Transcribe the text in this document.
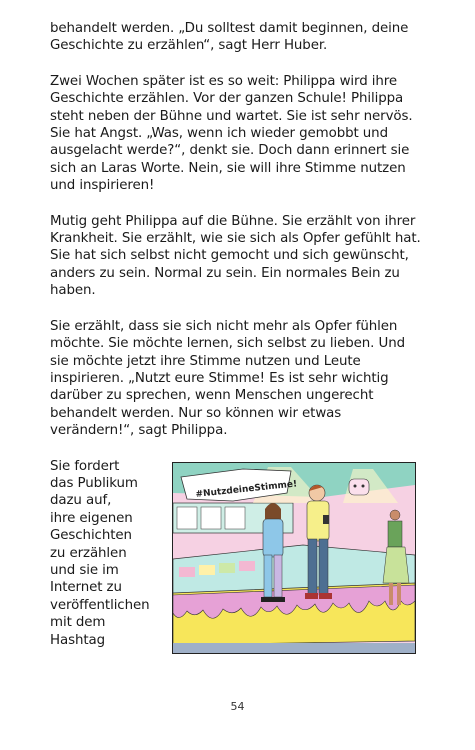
behandelt werden. „Du solltest damit beginnen, deine Geschichte zu erzählen“, sagt Herr Huber.

Zwei Wochen später ist es so weit: Philippa wird ihre Geschichte erzählen. Vor der ganzen Schule! Philippa steht neben der Bühne und wartet. Sie ist sehr nervös. Sie hat Angst. „Was, wenn ich wieder gemobbt und ausgelacht werde?“, denkt sie. Doch dann erinnert sie sich an Laras Worte. Nein, sie will ihre Stimme nutzen und inspirieren!

Mutig geht Philippa auf die Bühne. Sie erzählt von ihrer Krankheit. Sie erzählt, wie sie sich als Opfer gefühlt hat. Sie hat sich selbst nicht gemocht und sich gewünscht, anders zu sein. Normal zu sein. Ein normales Bein zu haben.

Sie erzählt, dass sie sich nicht mehr als Opfer fühlen möchte. Sie möchte lernen, sich selbst zu lieben. Und sie möchte jetzt ihre Stimme nutzen und Leute inspirieren. „Nutzt eure Stimme! Es ist sehr wichtig darüber zu sprechen, wenn Menschen ungerecht behandelt werden. Nur so können wir etwas verändern!“, sagt Philippa.

Sie fordert
das Publikum
dazu auf,
ihre eigenen
Geschichten
zu erzählen
und sie im
Internet zu
veröffentlichen
mit dem
Hashtag
#NutzdeineStimme!
54
